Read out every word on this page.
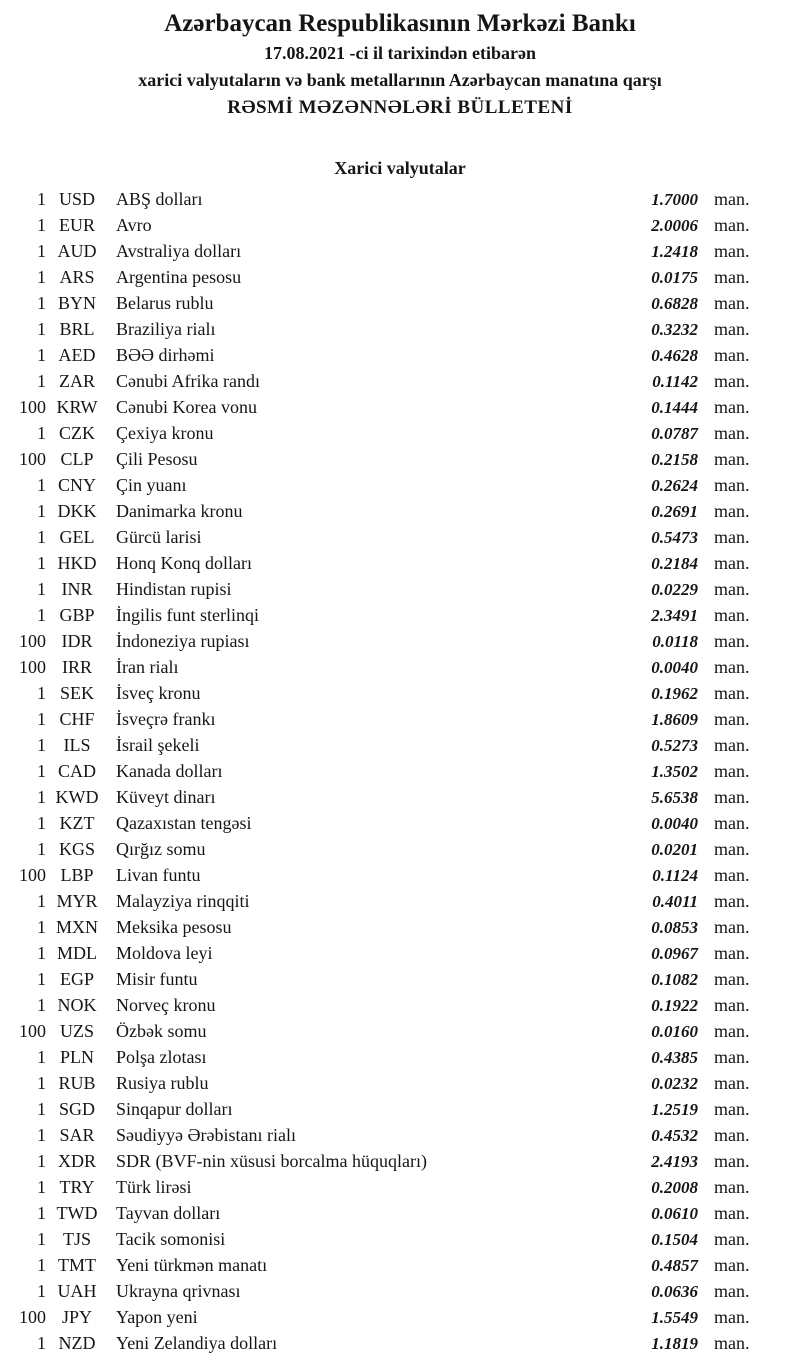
Azərbaycan Respublikasının Mərkəzi Bankı
17.08.2021 -ci il tarixindən etibarən
xarici valyutaların və bank metallarının Azərbaycan manatına qarşı
RƏSMİ MƏZƏNNƏLƏRİ BÜLLETENİ
Xarici valyutalar
1 USD	ABŞ dolları	1.7000 man.
1 EUR	Avro	2.0006 man.
1 AUD	Avstraliya dolları	1.2418 man.
1 ARS	Argentina pesosu	0.0175 man.
1 BYN	Belarus rublu	0.6828 man.
1 BRL	Braziliya rialı	0.3232 man.
1 AED	BƏƏ dirhəmi	0.4628 man.
1 ZAR	Cənubi Afrika randı	0.1142 man.
100 KRW	Cənubi Korea vonu	0.1444 man.
1 CZK	Çexiya kronu	0.0787 man.
100 CLP	Çili Pesosu	0.2158 man.
1 CNY	Çin yuanı	0.2624 man.
1 DKK	Danimarka kronu	0.2691 man.
1 GEL	Gürcü larisi	0.5473 man.
1 HKD	Honq Konq dolları	0.2184 man.
1 INR	Hindistan rupisi	0.0229 man.
1 GBP	İngilis funt sterlinqi	2.3491 man.
100 IDR	İndoneziya rupiası	0.0118 man.
100 IRR	İran rialı	0.0040 man.
1 SEK	İsveç kronu	0.1962 man.
1 CHF	İsveçrə frankı	1.8609 man.
1 ILS	İsrail şekeli	0.5273 man.
1 CAD	Kanada dolları	1.3502 man.
1 KWD Küveyt dinarı	5.6538 man.
1 KZT	Qazaxıstan tengəsi	0.0040 man.
1 KGS	Qırğız somu	0.0201 man.
100 LBP	Livan funtu	0.1124 man.
1 MYR	Malayziya rinqqiti	0.4011 man.
1 MXN	Meksika pesosu	0.0853 man.
1 MDL	Moldova leyi	0.0967 man.
1 EGP	Misir funtu	0.1082 man.
1 NOK	Norveç kronu	0.1922 man.
100 UZS	Özbək somu	0.0160 man.
1 PLN	Polşa zlotası	0.4385 man.
1 RUB	Rusiya rublu	0.0232 man.
1 SGD	Sinqapur dolları	1.2519 man.
1 SAR	Səudiyyə Ərəbistanı rialı	0.4532 man.
1 XDR	SDR (BVF-nin xüsusi borcalma hüquqları)	2.4193 man.
1 TRY	Türk lirəsi	0.2008 man.
1 TWD	Tayvan dolları	0.0610 man.
1 TJS	Tacik somonisi	0.1504 man.
1 TMT	Yeni türkmən manatı	0.4857 man.
1 UAH	Ukrayna qrivnası	0.0636 man.
100 JPY	Yapon yeni	1.5549 man.
1 NZD	Yeni Zelandiya dolları	1.1819 man.
